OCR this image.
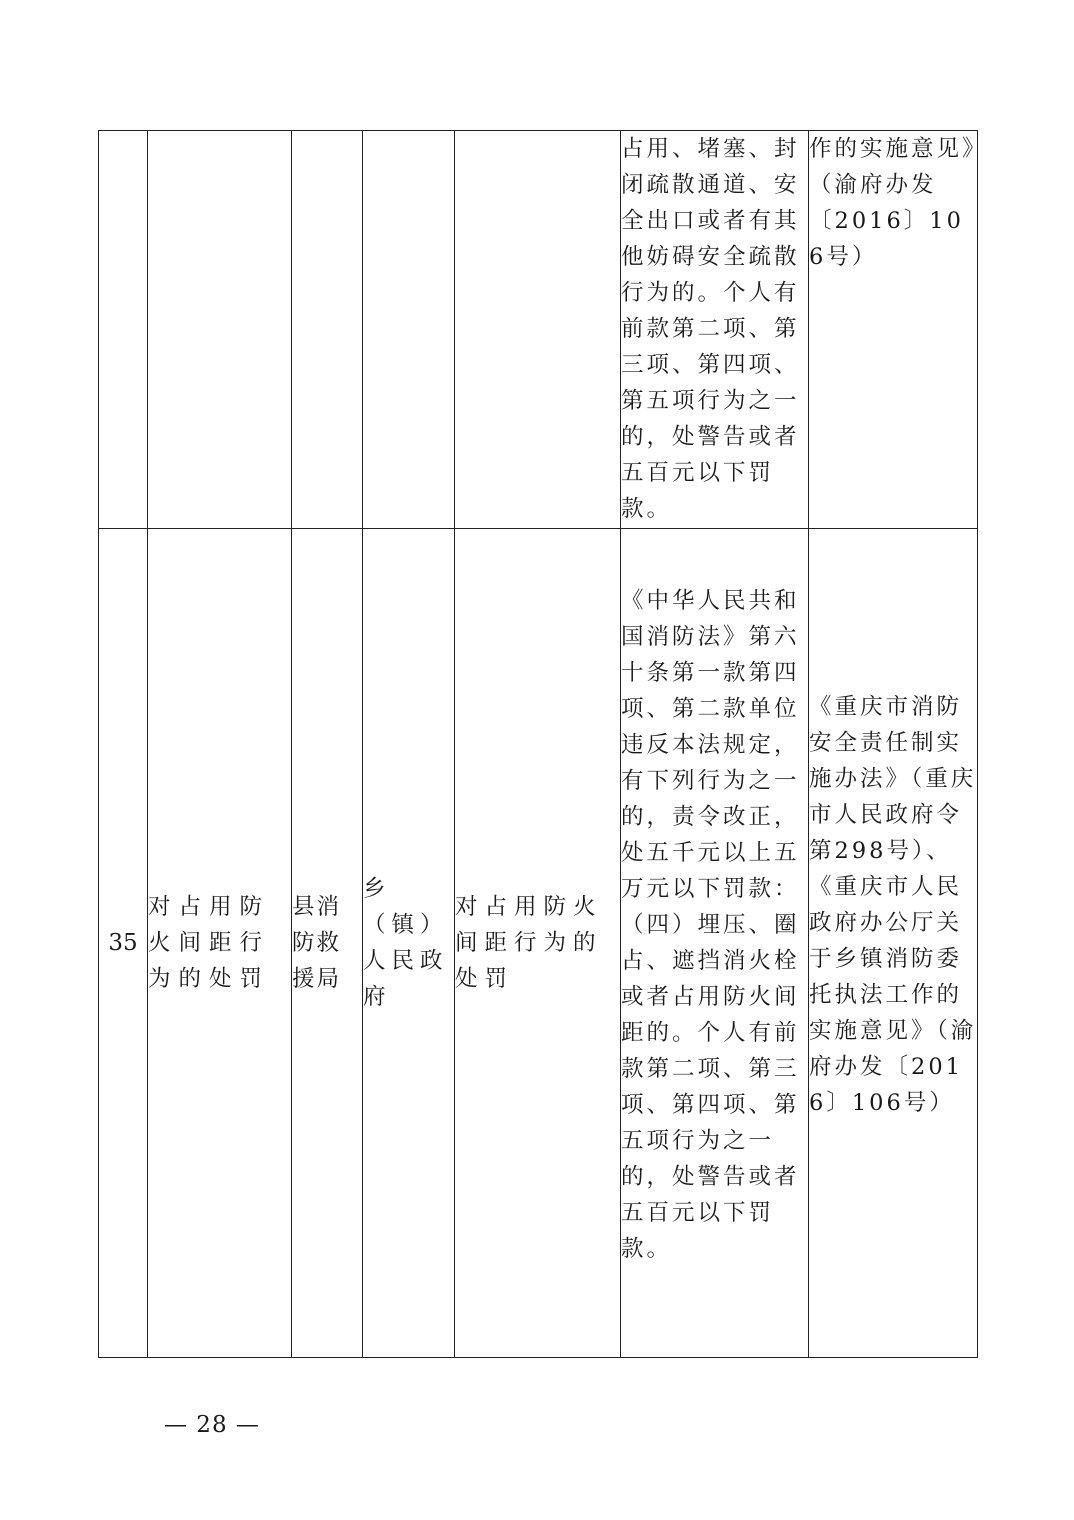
					占用、堵塞、封闭疏散通道、安全出口或者有其他妨碍安全疏散行为的。个人有前款第二项、第三项、第四项、第五项行为之一的，处警告或者五百元以下罚款。	作的实施意见》（渝府办发〔2016〕106号）
35	对占用防火间距行为的处罚	县消防救援局	乡（镇）人民政府	对占用防火间距行为的处罚	《中华人民共和国消防法》第六十条第一款第四项、第二款单位违反本法规定，有下列行为之一的，责令改正，处五千元以上五万元以下罚款：（四）埋压、圈占、遮挡消火栓或者占用防火间距的。个人有前款第二项、第三项、第四项、第五项行为之一的，处警告或者五百元以下罚款。	《重庆市消防安全责任制实施办法》（重庆市人民政府令第298号）、《重庆市人民政府办公厅关于乡镇消防委托执法工作的实施意见》（渝府办发〔2016〕106号）
— 28 —
